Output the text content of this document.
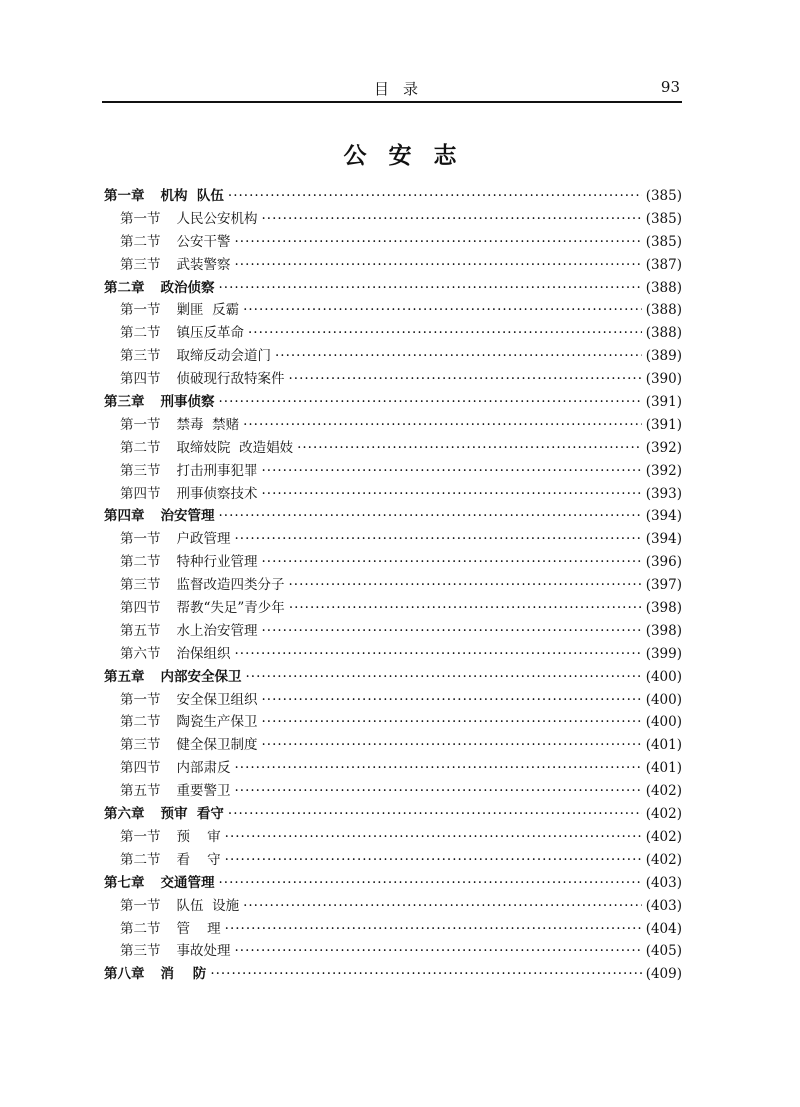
目录	93
公安志
第一章 机构  队伍 ·····	(385)
第一节 人民公安机构 ·····	(385)
第二节 公安干警 ·····	(385)
第三节 武装警察 ·····	(387)
第二章 政治侦察 ·····	(388)
第一节 剿匪  反霸 ·····	(388)
第二节 镇压反革命 ·····	(388)
第三节 取缔反动会道门 ·····	(389)
第四节 侦破现行敌特案件 ·····	(390)
第三章 刑事侦察 ·····	(391)
第一节 禁毒  禁赌 ·····	(391)
第二节 取缔妓院  改造娼妓 ·····	(392)
第三节 打击刑事犯罪 ·····	(392)
第四节 刑事侦察技术 ·····	(393)
第四章 治安管理 ·····	(394)
第一节 户政管理 ·····	(394)
第二节 特种行业管理 ·····	(396)
第三节 监督改造四类分子 ·····	(397)
第四节 帮教“失足”青少年 ·····	(398)
第五节 水上治安管理 ·····	(398)
第六节 治保组织 ·····	(399)
第五章 内部安全保卫 ·····	(400)
第一节 安全保卫组织 ·····	(400)
第二节 陶瓷生产保卫 ·····	(400)
第三节 健全保卫制度 ·····	(401)
第四节 内部肃反 ·····	(401)
第五节 重要警卫 ·····	(402)
第六章 预审  看守 ·····	(402)
第一节 预    审 ·····	(402)
第二节 看    守 ·····	(402)
第七章 交通管理 ·····	(403)
第一节 队伍  设施 ·····	(403)
第二节 管    理 ·····	(404)
第三节 事故处理 ·····	(405)
第八章 消    防 ·····	(409)
